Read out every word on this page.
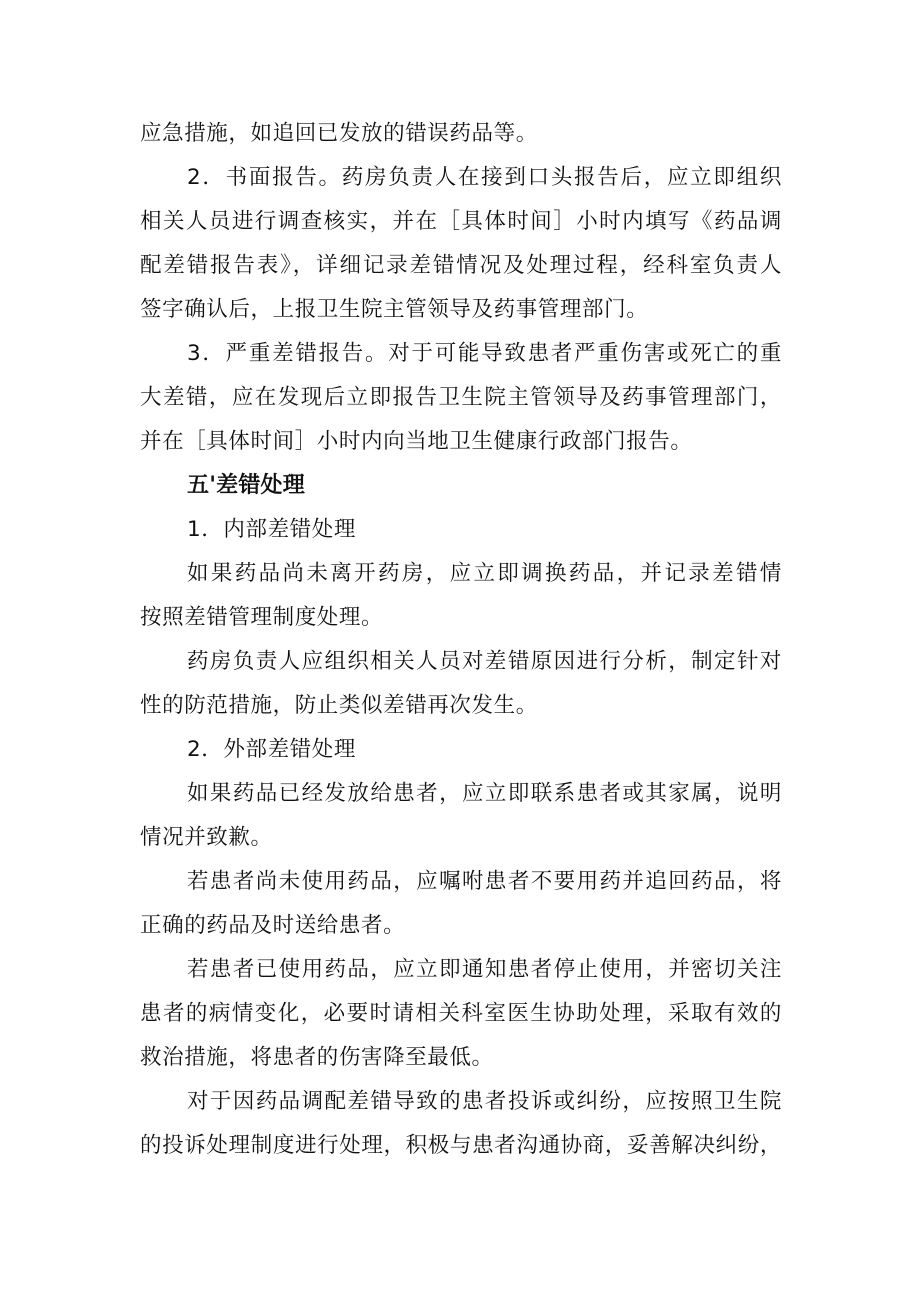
应急措施，如追回已发放的错误药品等。
2．书面报告。药房负责人在接到口头报告后，应立即组织
相关人员进行调查核实，并在［具体时间］小时内填写《药品调
配差错报告表》，详细记录差错情况及处理过程，经科室负责人
签字确认后，上报卫生院主管领导及药事管理部门。
3．严重差错报告。对于可能导致患者严重伤害或死亡的重
大差错，应在发现后立即报告卫生院主管领导及药事管理部门，
并在［具体时间］小时内向当地卫生健康行政部门报告。
五'差错处理
1．内部差错处理
如果药品尚未离开药房，应立即调换药品，并记录差错情
按照差错管理制度处理。
药房负责人应组织相关人员对差错原因进行分析，制定针对
性的防范措施，防止类似差错再次发生。
2．外部差错处理
如果药品已经发放给患者，应立即联系患者或其家属，说明
情况并致歉。
若患者尚未使用药品，应嘱咐患者不要用药并追回药品，将
正确的药品及时送给患者。
若患者已使用药品，应立即通知患者停止使用，并密切关注
患者的病情变化，必要时请相关科室医生协助处理，采取有效的
救治措施，将患者的伤害降至最低。
对于因药品调配差错导致的患者投诉或纠纷，应按照卫生院
的投诉处理制度进行处理，积极与患者沟通协商，妥善解决纠纷，
